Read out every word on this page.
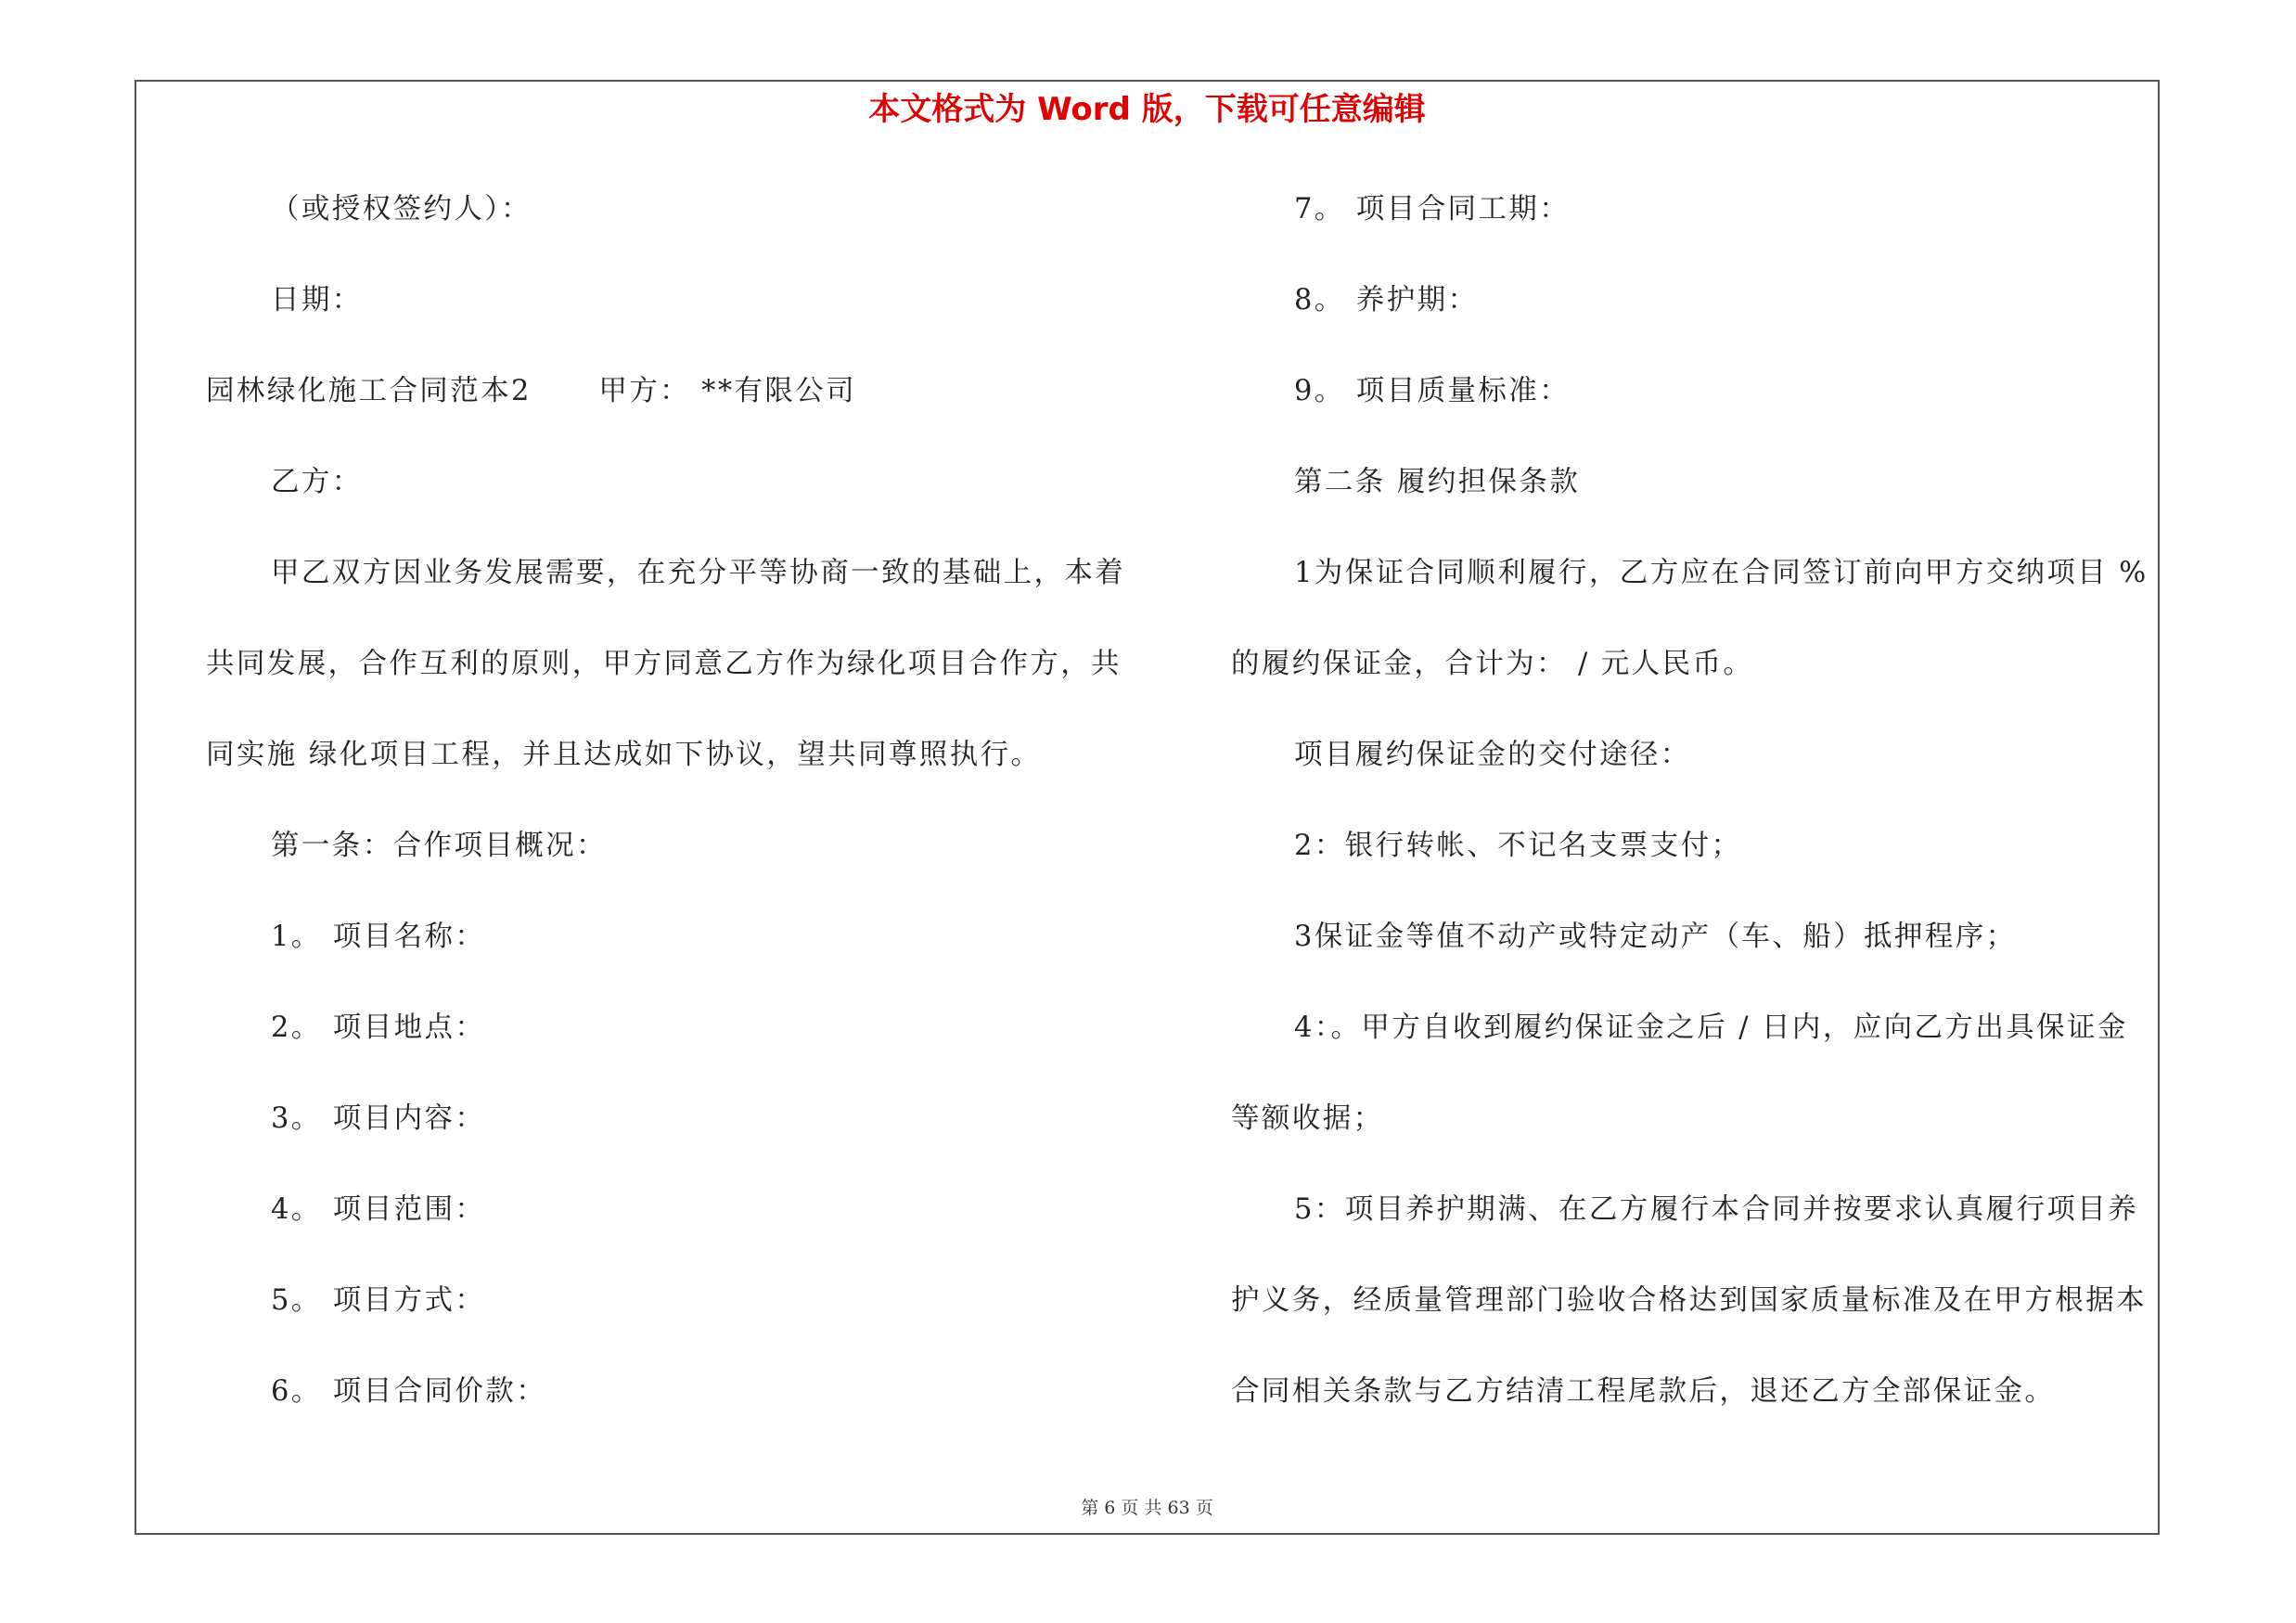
本文格式为 Word 版，下载可任意编辑
（或授权签约人）：
日期：
园林绿化施工合同范本2      甲方： **有限公司
乙方：
甲乙双方因业务发展需要，在充分平等协商一致的基础上，本着
共同发展，合作互利的原则，甲方同意乙方作为绿化项目合作方，共
同实施 绿化项目工程，并且达成如下协议，望共同尊照执行。
第一条：合作项目概况：
1。 项目名称：
2。 项目地点：
3。 项目内容：
4。 项目范围：
5。 项目方式：
6。 项目合同价款：
7。 项目合同工期：
8。 养护期：
9。 项目质量标准：
第二条 履约担保条款
1为保证合同顺利履行，乙方应在合同签订前向甲方交纳项目 %
的履约保证金，合计为： / 元人民币。
项目履约保证金的交付途径：
2：银行转帐、不记名支票支付；
3保证金等值不动产或特定动产（车、船）抵押程序；
4：。甲方自收到履约保证金之后 / 日内，应向乙方出具保证金
等额收据；
5：项目养护期满、在乙方履行本合同并按要求认真履行项目养
护义务，经质量管理部门验收合格达到国家质量标准及在甲方根据本
合同相关条款与乙方结清工程尾款后，退还乙方全部保证金。
第 6 页 共 63 页
